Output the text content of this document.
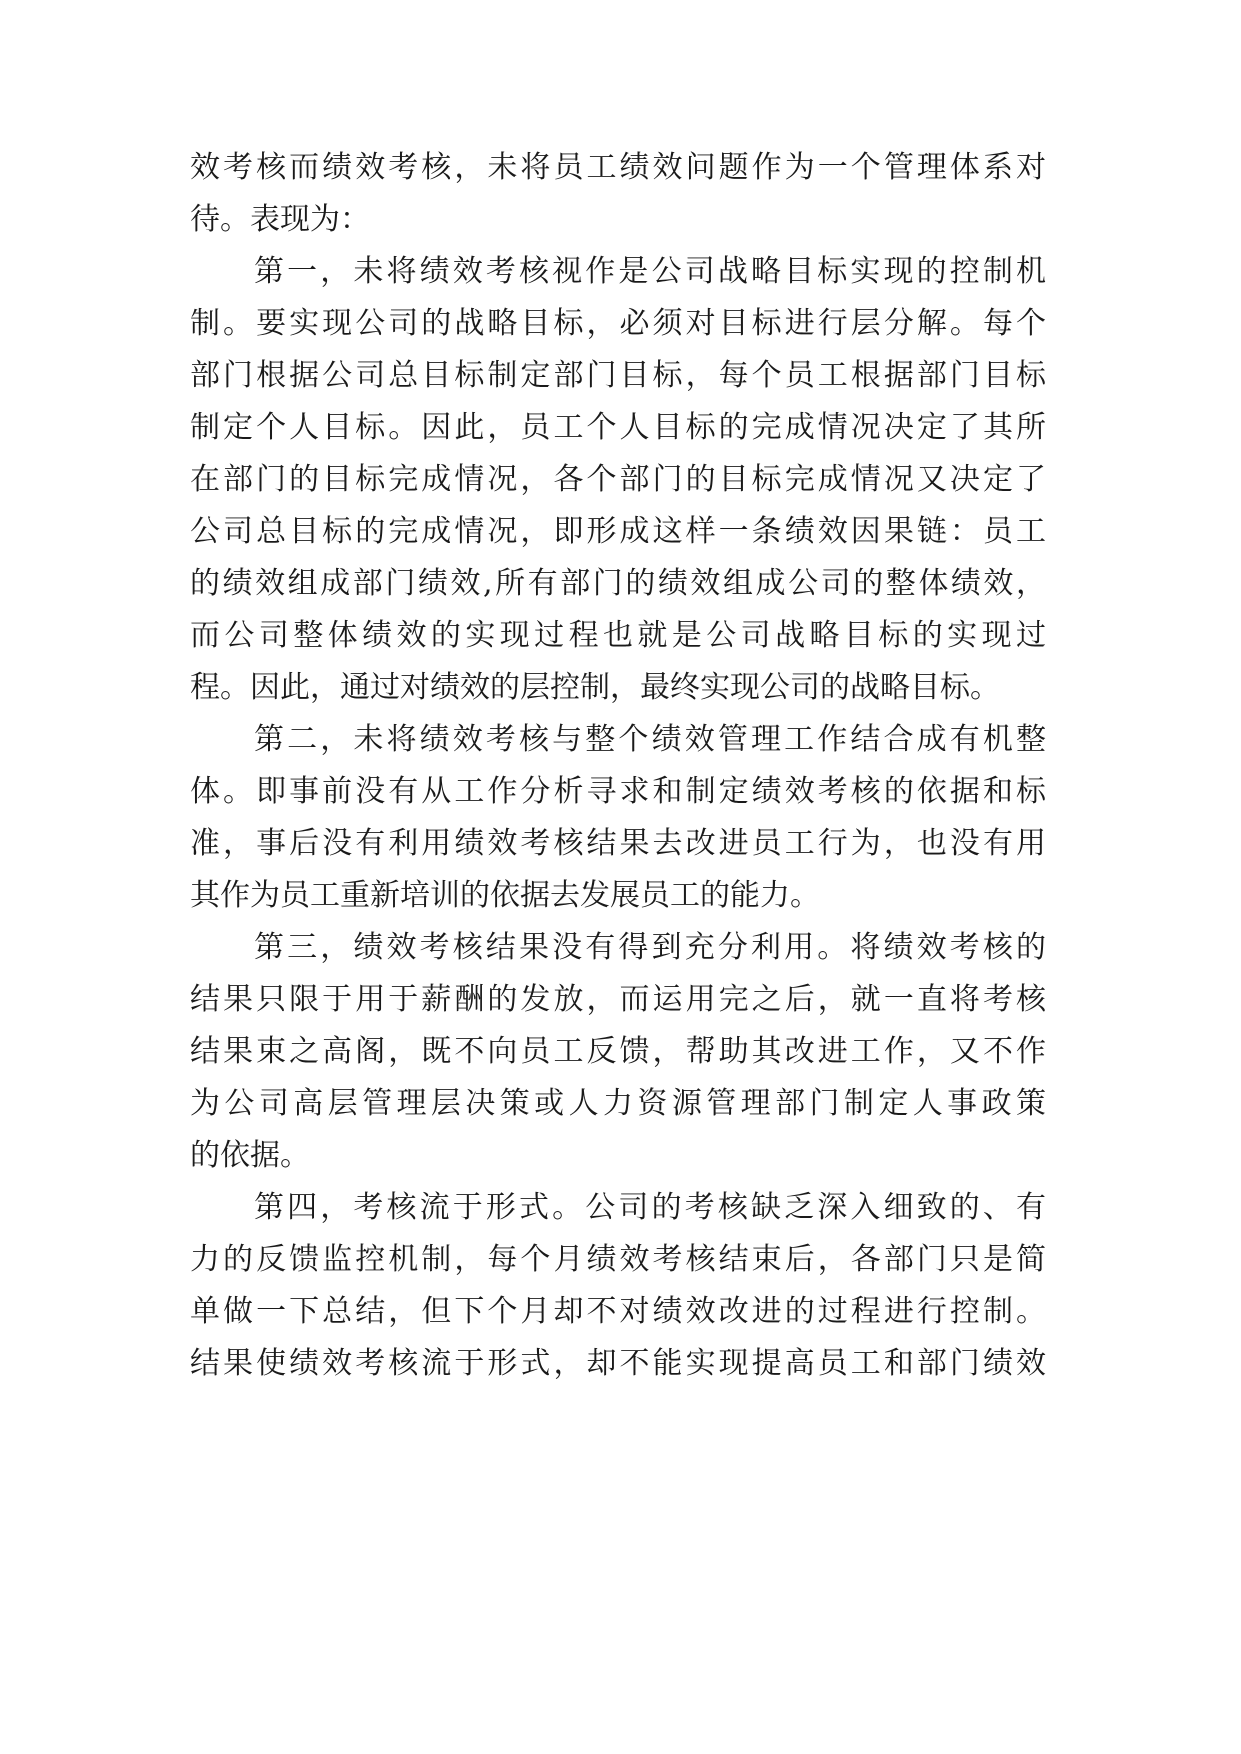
效考核而绩效考核，未将员工绩效问题作为一个管理体系对
待。表现为：
第一，未将绩效考核视作是公司战略目标实现的控制机
制。要实现公司的战略目标，必须对目标进行层分解。每个
部门根据公司总目标制定部门目标，每个员工根据部门目标
制定个人目标。因此，员工个人目标的完成情况决定了其所
在部门的目标完成情况，各个部门的目标完成情况又决定了
公司总目标的完成情况，即形成这样一条绩效因果链：员工
的绩效组成部门绩效,所有部门的绩效组成公司的整体绩效，
而公司整体绩效的实现过程也就是公司战略目标的实现过
程。因此，通过对绩效的层控制，最终实现公司的战略目标。
第二，未将绩效考核与整个绩效管理工作结合成有机整
体。即事前没有从工作分析寻求和制定绩效考核的依据和标
准，事后没有利用绩效考核结果去改进员工行为，也没有用
其作为员工重新培训的依据去发展员工的能力。
第三，绩效考核结果没有得到充分利用。将绩效考核的
结果只限于用于薪酬的发放，而运用完之后，就一直将考核
结果束之高阁，既不向员工反馈，帮助其改进工作，又不作
为公司高层管理层决策或人力资源管理部门制定人事政策
的依据。
第四，考核流于形式。公司的考核缺乏深入细致的、有
力的反馈监控机制，每个月绩效考核结束后，各部门只是简
单做一下总结，但下个月却不对绩效改进的过程进行控制。
结果使绩效考核流于形式，却不能实现提高员工和部门绩效
